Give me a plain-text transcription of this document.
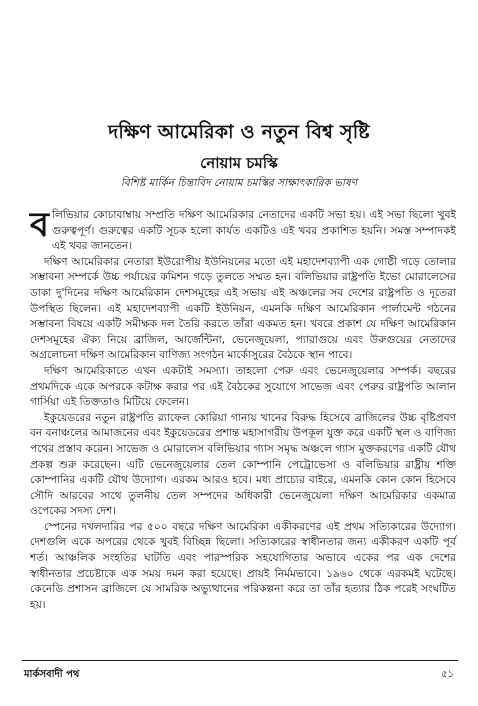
দক্ষিণ আমেরিকা ও নতুন বিশ্ব সৃষ্টি
নোয়াম চমস্কি
বিশিষ্ট মার্কিন চিন্তাবিদ নোয়াম চমস্কির সাক্ষাৎকারিক ভাষণ

বলিভিয়ার কোচাবাম্বায় সম্প্রতি দক্ষিণ আমেরিকার নেতাদের একটি সভা হয়। এই সভা ছিলো খুবই গুরুত্বপূর্ণ। গুরুত্বের একটি সূচক হলো কার্যত একটিও এই খবর প্রকাশিত হয়নি। সমস্ত সম্পাদকই এই খবর জানতেন।

দক্ষিণ আমেরিকার নেতারা ইউরোপীয় ইউনিয়নের মতো এই মহাদেশব্যাপী এক গোষ্ঠী গড়ে তোলার সম্ভাবনা সম্পর্কে উচ্চ পর্যায়ের কমিশন গড়ে তুলতে সম্মত হন। বলিভিয়ার রাষ্ট্রপতি ইভো মোরালেসের ডাকা দু'দিনের দক্ষিণ আমেরিকান দেশসমূহের এই সভায় এই অঞ্চলের সব দেশের রাষ্ট্রপতি ও দূতেরা উপস্থিত ছিলেন। এই মহাদেশব্যাপী একটি ইউনিয়ন, এমনকি দক্ষিণ আমেরিকান পার্লামেন্ট গঠনের সম্ভাবনা বিষয়ে একটি সমীক্ষক দল তৈরি করতে তাঁরা একমত হন। খবরে প্রকাশ যে দক্ষিণ আমেরিকান দেশসমূহের ঐক্য নিয়ে ব্রাজিল, আর্জেন্টিনা, ভেনেজুয়েলা, প্যারাগুয়ে এবং উরুগুয়ের নেতাদের অগ্রলোচনা দক্ষিণ আমেরিকান বাণিজ্য সংগঠন মার্কোসুরের বৈঠকে স্থান পাবে।

দক্ষিণ আমেরিকাতে এখন একটাই সমস্যা। তাহলো পেরু এবং ভেনেজুয়েলার সম্পর্ক। বছরের প্রথমদিকে একে অপরকে কটাক্ষ করার পর এই বৈঠকের সুযোগে সাভেজ এবং পেরুর রাষ্ট্রপতি আলান গার্সিয়া এই তিক্ততাও মিটিয়ে ফেলেন।

ইকুয়েডরের নতুন রাষ্ট্রপতি র‍্যাফেল কোরিয়া গানায় খানের বিরুদ্ধ হিসেবে ব্রাজিলের উচ্চ বৃষ্টিপ্রবণ বন বনাঞ্চলের আমাজনের এবং ইকুয়েডরের প্রশান্ত মহাসাগরীয় উপকূল যুক্ত করে একটি স্থল ও বাণিজ্য পথের প্রস্তাব করেন। সাভেজ ও মোরালেস বলিভিয়ার গ্যাস সমৃদ্ধ অঞ্চলে গ্যাস মুক্তকরণের একটি যৌথ প্রকল্প শুরু করেছেন। এটি ভেনেজুয়েলার তেল কোম্পানি পেট্রোভেসা ও বলিভিয়ার রাষ্ট্রীয় শক্তি কোম্পানির একটি যৌথ উদ্যোগ। এরকম আরও হবে। মধ্য প্রাচ্যের বাইরে, এমনকি কোন কোন হিসেবে সৌদি আরবের সাথে তুলনীয় তেল সম্পদের অধিকারী ভেনেজুয়েলা দক্ষিণ আমেরিকার একমাত্র ওপেকের সদস্য দেশ।

স্পেনের দখলদারির পর ৫০০ বছরে দক্ষিণ আমেরিকা একীকরণের এই প্রথম সত্যিকারের উদ্যোগ। দেশগুলি একে অপরের থেকে খুবই বিচ্ছিন্ন ছিলো। সত্যিকারের স্বাধীনতার জন্য একীকরণ একটি পূর্ব শর্ত। আঞ্চলিক সংহতির ঘাটতি এবং পারস্পরিক সহযোগিতার অভাবে একের পর এক দেশের স্বাধীনতার প্রচেষ্টাকে এক সময় দমন করা হয়েছে। প্রায়ই নির্মমভাবে। ১৯৬০ থেকে এরকমই ঘটেছে। কেনেডি প্রশাসন ব্রাজিলে যে সামরিক অভ্যুত্থানের পরিকল্পনা করে তা তাঁর হত্যার ঠিক পরেই সংঘটিত হয়।

মার্কসবাদী পথ	৫১
